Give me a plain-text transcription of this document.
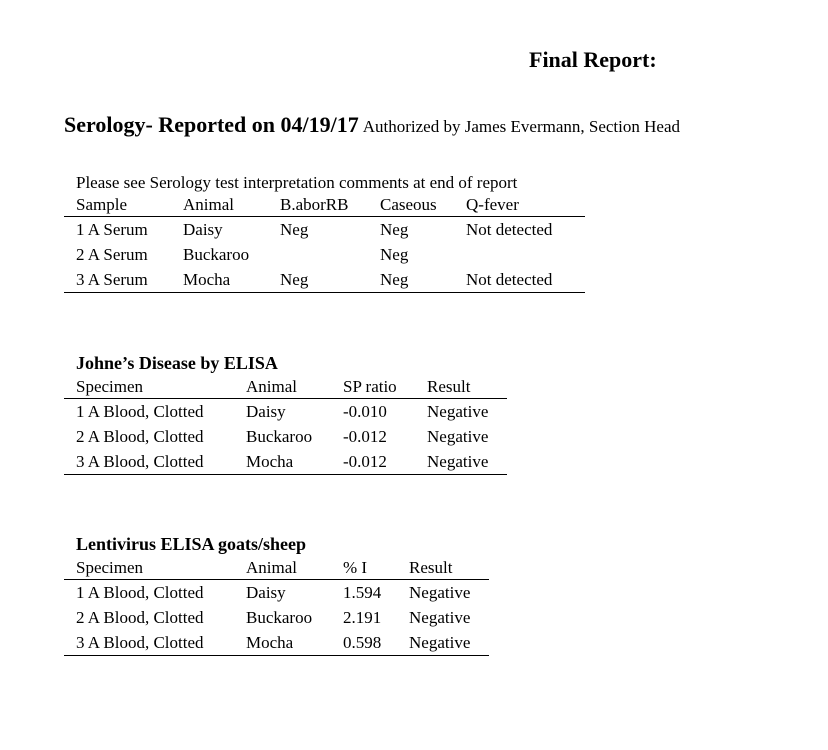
Final Report:
Serology- Reported on 04/19/17 Authorized by James Evermann, Section Head
Please see Serology test interpretation comments at end of report
Sample	Animal	B.aborRB	Caseous	Q-fever
1 A Serum	Daisy	Neg	Neg	Not detected
2 A Serum	Buckaroo		Neg	
3 A Serum	Mocha	Neg	Neg	Not detected
Johne’s Disease by ELISA
Specimen	Animal	SP ratio	Result
1 A Blood, Clotted	Daisy	-0.010	Negative
2 A Blood, Clotted	Buckaroo	-0.012	Negative
3 A Blood, Clotted	Mocha	-0.012	Negative
Lentivirus ELISA goats/sheep
Specimen	Animal	% I	Result
1 A Blood, Clotted	Daisy	1.594	Negative
2 A Blood, Clotted	Buckaroo	2.191	Negative
3 A Blood, Clotted	Mocha	0.598	Negative
